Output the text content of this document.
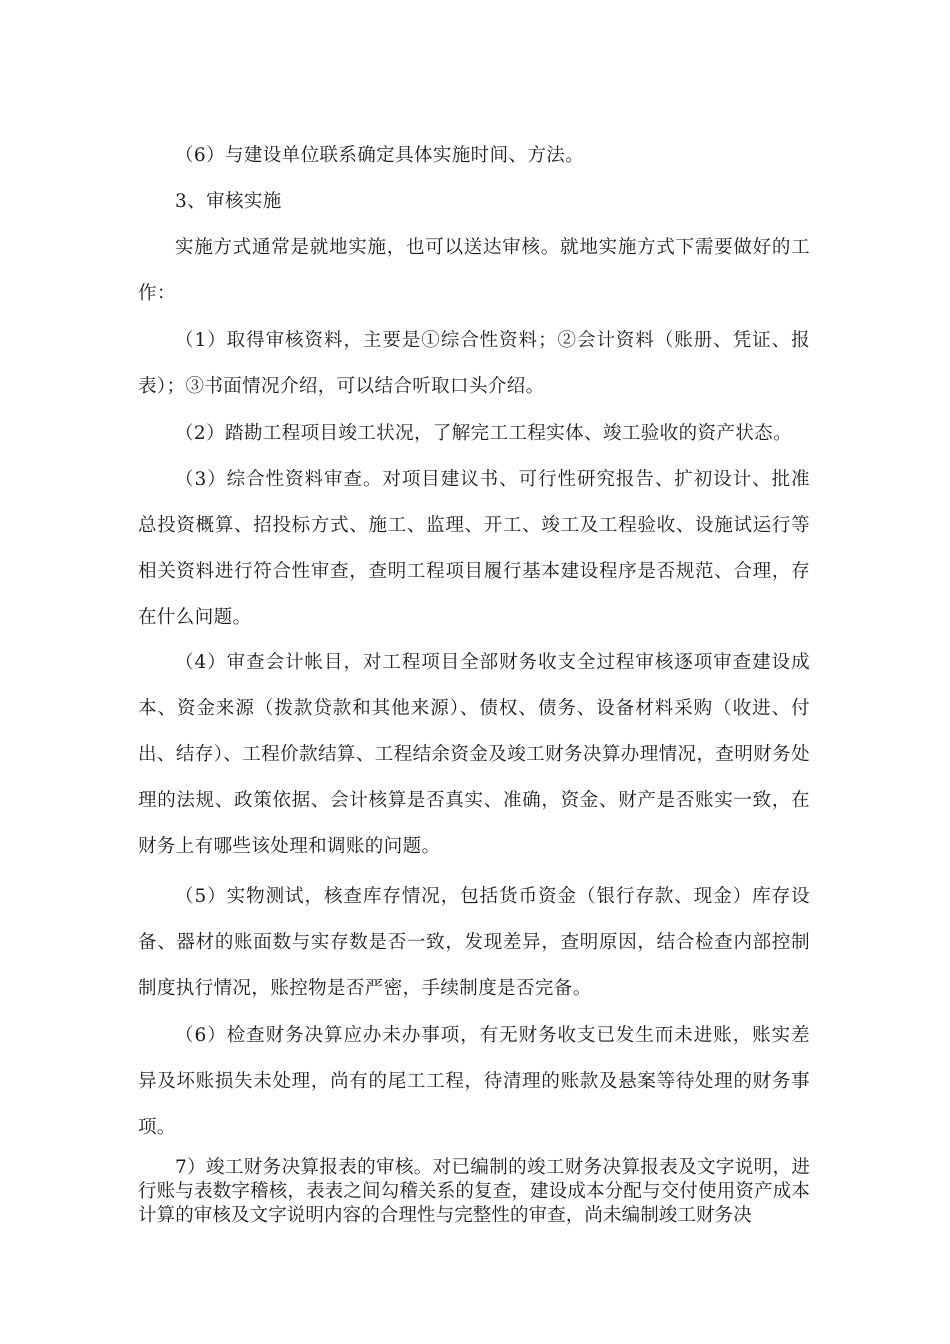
（6）与建设单位联系确定具体实施时间、方法。

3、审核实施

实施方式通常是就地实施，也可以送达审核。就地实施方式下需要做好的工作：

（1）取得审核资料，主要是①综合性资料；②会计资料（账册、凭证、报表）；③书面情况介绍，可以结合听取口头介绍。

（2）踏勘工程项目竣工状况，了解完工工程实体、竣工验收的资产状态。

（3）综合性资料审查。对项目建议书、可行性研究报告、扩初设计、批准总投资概算、招投标方式、施工、监理、开工、竣工及工程验收、设施试运行等相关资料进行符合性审查，查明工程项目履行基本建设程序是否规范、合理，存在什么问题。

（4）审查会计帐目，对工程项目全部财务收支全过程审核逐项审查建设成本、资金来源（拨款贷款和其他来源）、债权、债务、设备材料采购（收进、付出、结存）、工程价款结算、工程结余资金及竣工财务决算办理情况，查明财务处理的法规、政策依据、会计核算是否真实、准确，资金、财产是否账实一致，在财务上有哪些该处理和调账的问题。

（5）实物测试，核查库存情况，包括货币资金（银行存款、现金）库存设备、器材的账面数与实存数是否一致，发现差异，查明原因，结合检查内部控制制度执行情况，账控物是否严密，手续制度是否完备。

（6）检查财务决算应办未办事项，有无财务收支已发生而未进账，账实差异及坏账损失未处理，尚有的尾工工程，待清理的账款及悬案等待处理的财务事项。

7）竣工财务决算报表的审核。对已编制的竣工财务决算报表及文字说明，进行账与表数字稽核，表表之间勾稽关系的复查，建设成本分配与交付使用资产成本计算的审核及文字说明内容的合理性与完整性的审查，尚未编制竣工财务决
